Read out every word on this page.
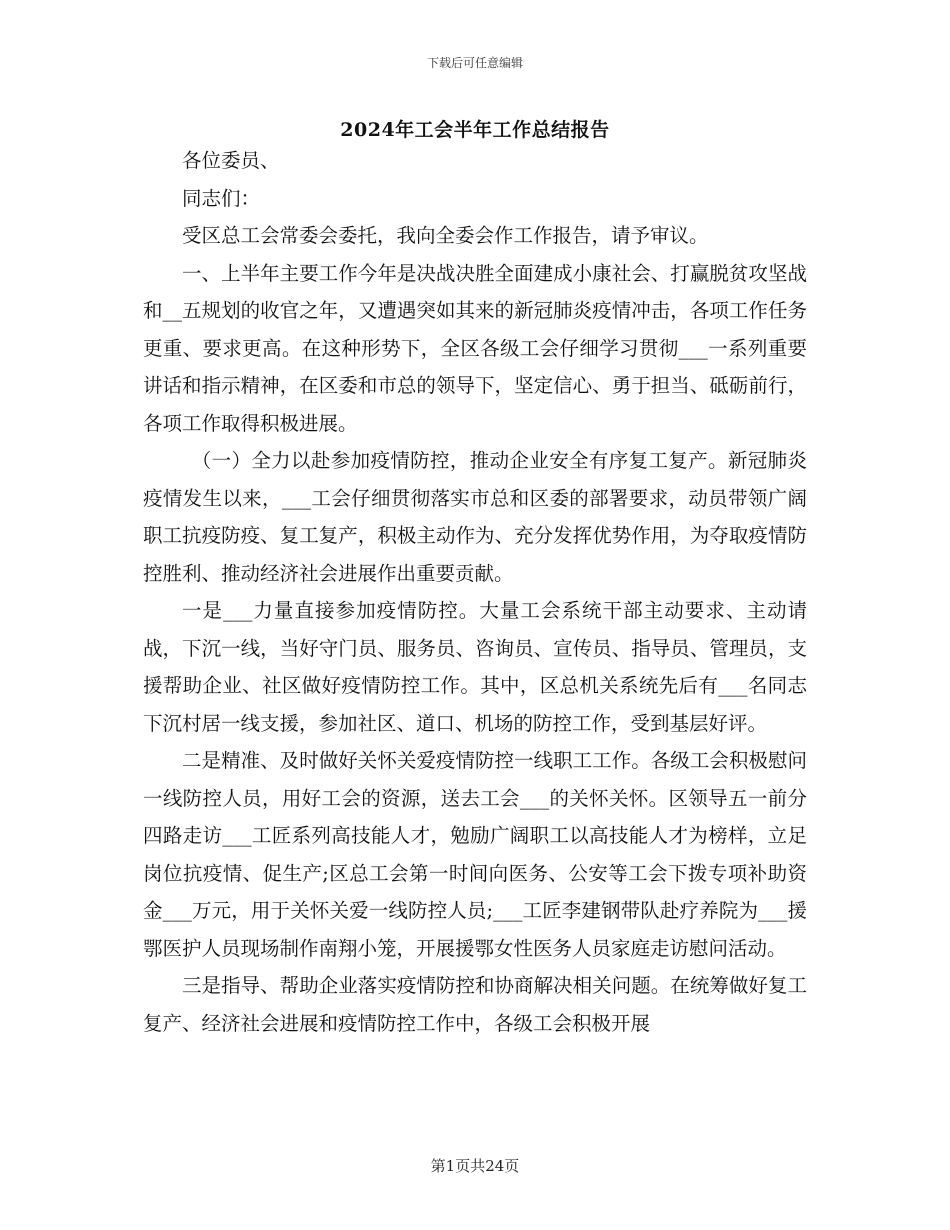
下载后可任意编辑
2024年工会半年工作总结报告

各位委员、

同志们：

受区总工会常委会委托，我向全委会作工作报告，请予审议。

一、上半年主要工作今年是决战决胜全面建成小康社会、打赢脱贫攻坚战和__五规划的收官之年，又遭遇突如其来的新冠肺炎疫情冲击，各项工作任务更重、要求更高。在这种形势下，全区各级工会仔细学习贯彻___一系列重要讲话和指示精神，在区委和市总的领导下，坚定信心、勇于担当、砥砺前行，各项工作取得积极进展。

（一）全力以赴参加疫情防控，推动企业安全有序复工复产。新冠肺炎疫情发生以来，___工会仔细贯彻落实市总和区委的部署要求，动员带领广阔职工抗疫防疫、复工复产，积极主动作为、充分发挥优势作用，为夺取疫情防控胜利、推动经济社会进展作出重要贡献。

一是___力量直接参加疫情防控。大量工会系统干部主动要求、主动请战，下沉一线，当好守门员、服务员、咨询员、宣传员、指导员、管理员，支援帮助企业、社区做好疫情防控工作。其中，区总机关系统先后有___名同志下沉村居一线支援，参加社区、道口、机场的防控工作，受到基层好评。

二是精准、及时做好关怀关爱疫情防控一线职工工作。各级工会积极慰问一线防控人员，用好工会的资源，送去工会___的关怀关怀。区领导五一前分四路走访___工匠系列高技能人才，勉励广阔职工以高技能人才为榜样，立足岗位抗疫情、促生产;区总工会第一时间向医务、公安等工会下拨专项补助资金___万元，用于关怀关爱一线防控人员;___工匠李建钢带队赴疗养院为___援鄂医护人员现场制作南翔小笼，开展援鄂女性医务人员家庭走访慰问活动。

三是指导、帮助企业落实疫情防控和协商解决相关问题。在统筹做好复工复产、经济社会进展和疫情防控工作中，各级工会积极开展

第1页共24页
